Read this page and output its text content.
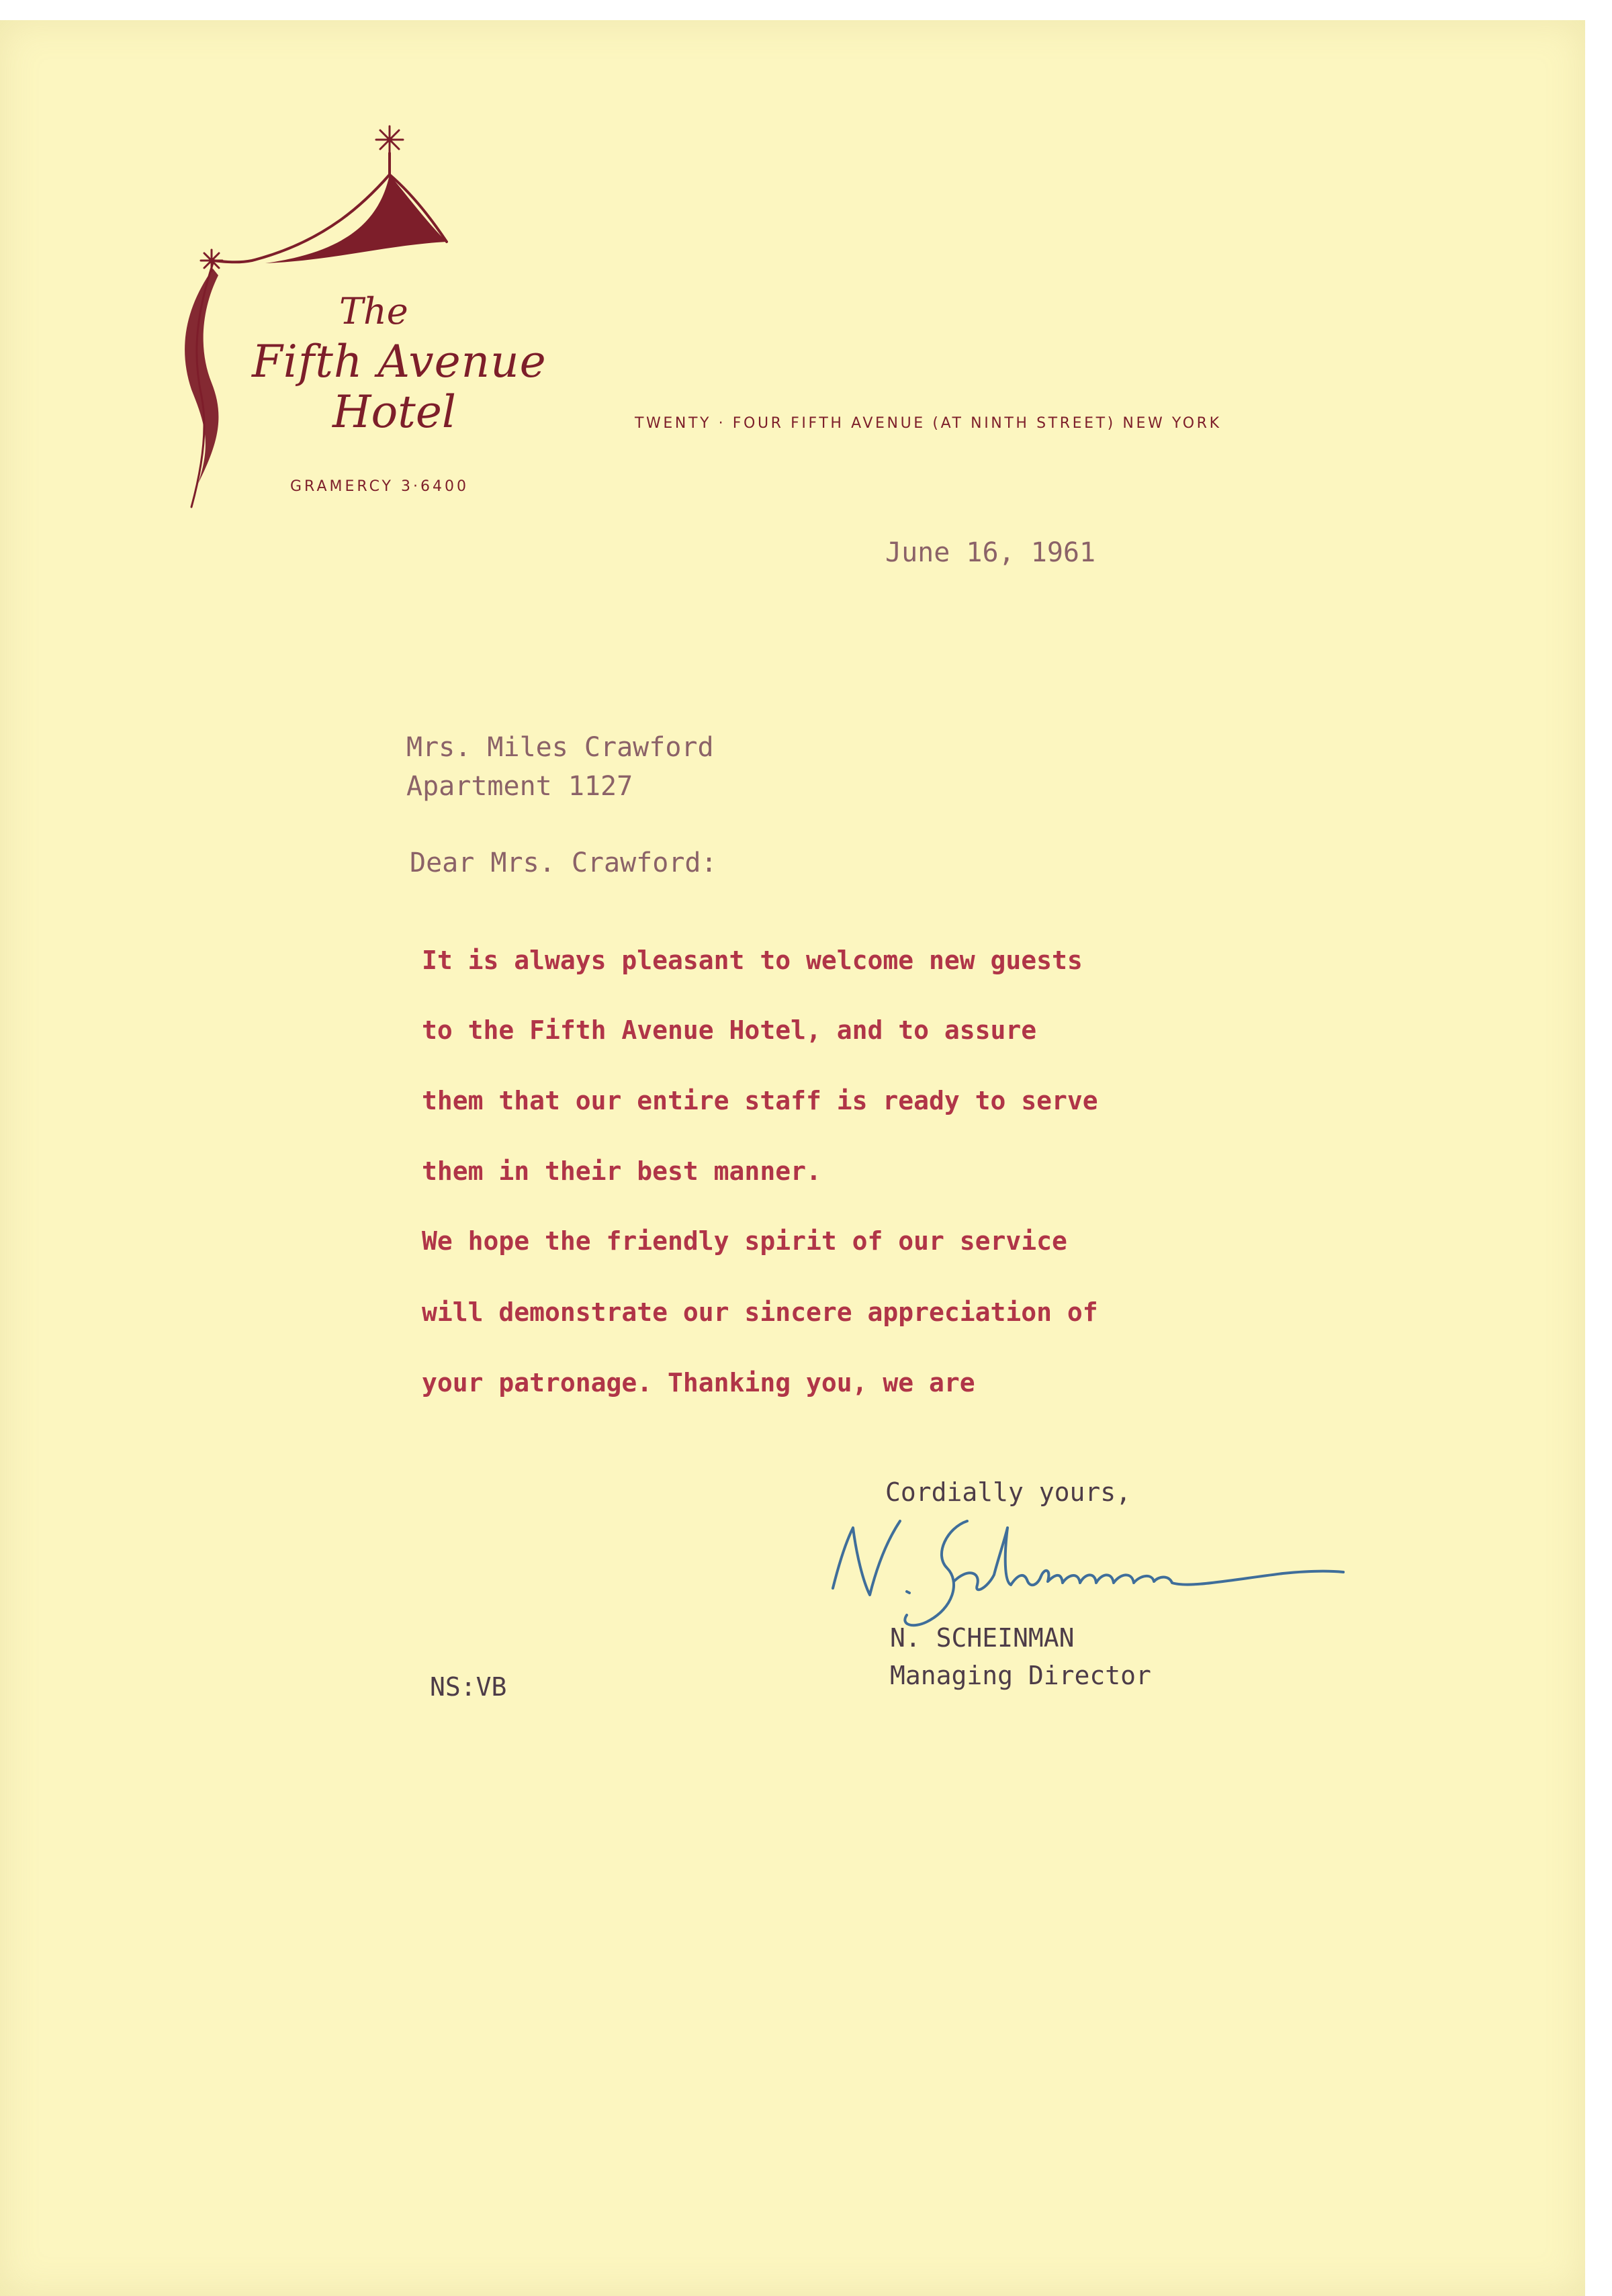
The
Fifth Avenue
Hotel
GRAMERCY 3·6400
TWENTY · FOUR FIFTH AVENUE (AT NINTH STREET) NEW YORK
June 16, 1961
Mrs. Miles Crawford
Apartment 1127
Dear Mrs. Crawford:
It is always pleasant to welcome new guests
to the Fifth Avenue Hotel, and to assure
them that our entire staff is ready to serve
them in their best manner.
We hope the friendly spirit of our service
will demonstrate our sincere appreciation of
your patronage. Thanking you, we are
Cordially yours,
N. SCHEINMAN
Managing Director
NS:VB
